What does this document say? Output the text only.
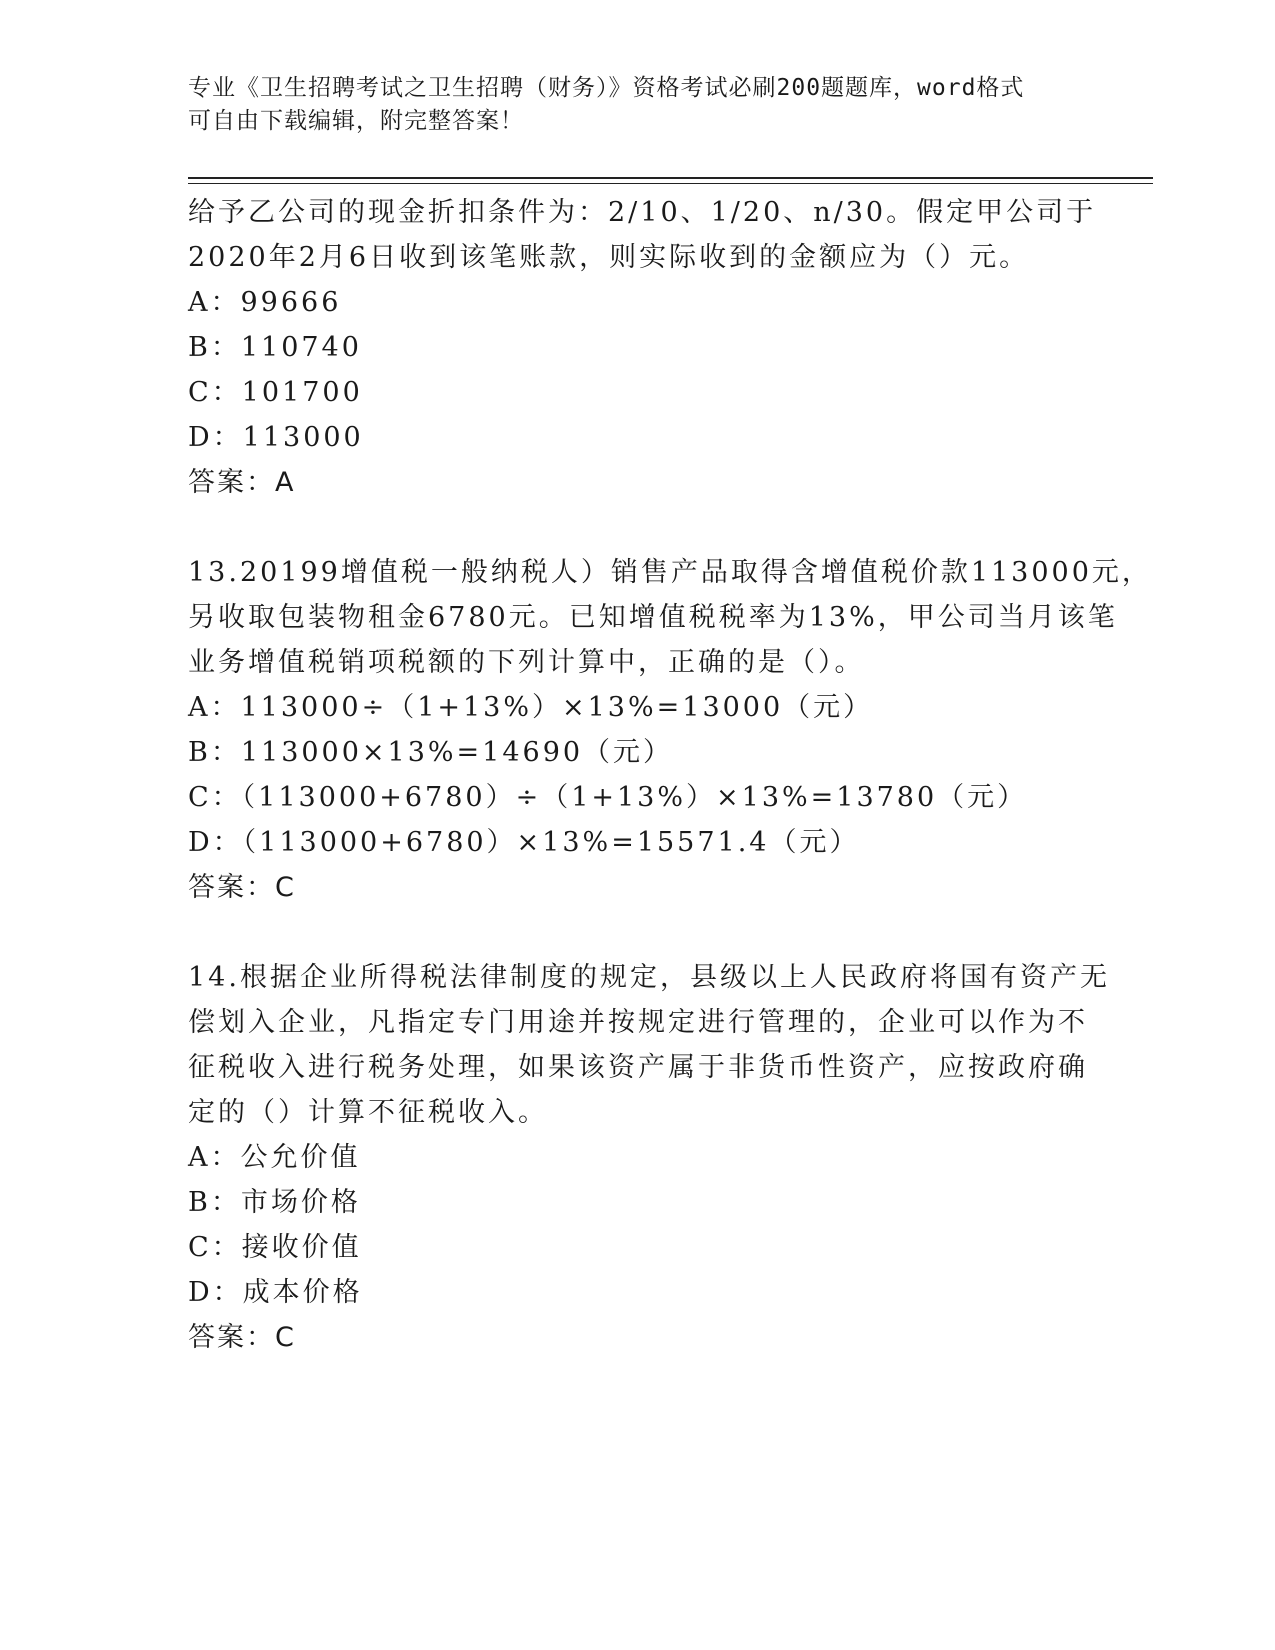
专业《卫生招聘考试之卫生招聘（财务）》资格考试必刷200题题库，word格式
可自由下载编辑，附完整答案！
给予乙公司的现金折扣条件为：2/10、1/20、n/30。假定甲公司于
2020年2月6日收到该笔账款，则实际收到的金额应为（）元。
A：99666
B：110740
C：101700
D：113000
答案：A
13.20199增值税一般纳税人）销售产品取得含增值税价款113000元，
另收取包装物租金6780元。已知增值税税率为13%，甲公司当月该笔
业务增值税销项税额的下列计算中，正确的是（）。
A：113000÷（1+13%）×13%=13000（元）
B：113000×13%=14690（元）
C：（113000+6780）÷（1+13%）×13%=13780（元）
D：（113000+6780）×13%=15571.4（元）
答案：C
14.根据企业所得税法律制度的规定，县级以上人民政府将国有资产无
偿划入企业，凡指定专门用途并按规定进行管理的，企业可以作为不
征税收入进行税务处理，如果该资产属于非货币性资产，应按政府确
定的（）计算不征税收入。
A：公允价值
B：市场价格
C：接收价值
D：成本价格
答案：C
